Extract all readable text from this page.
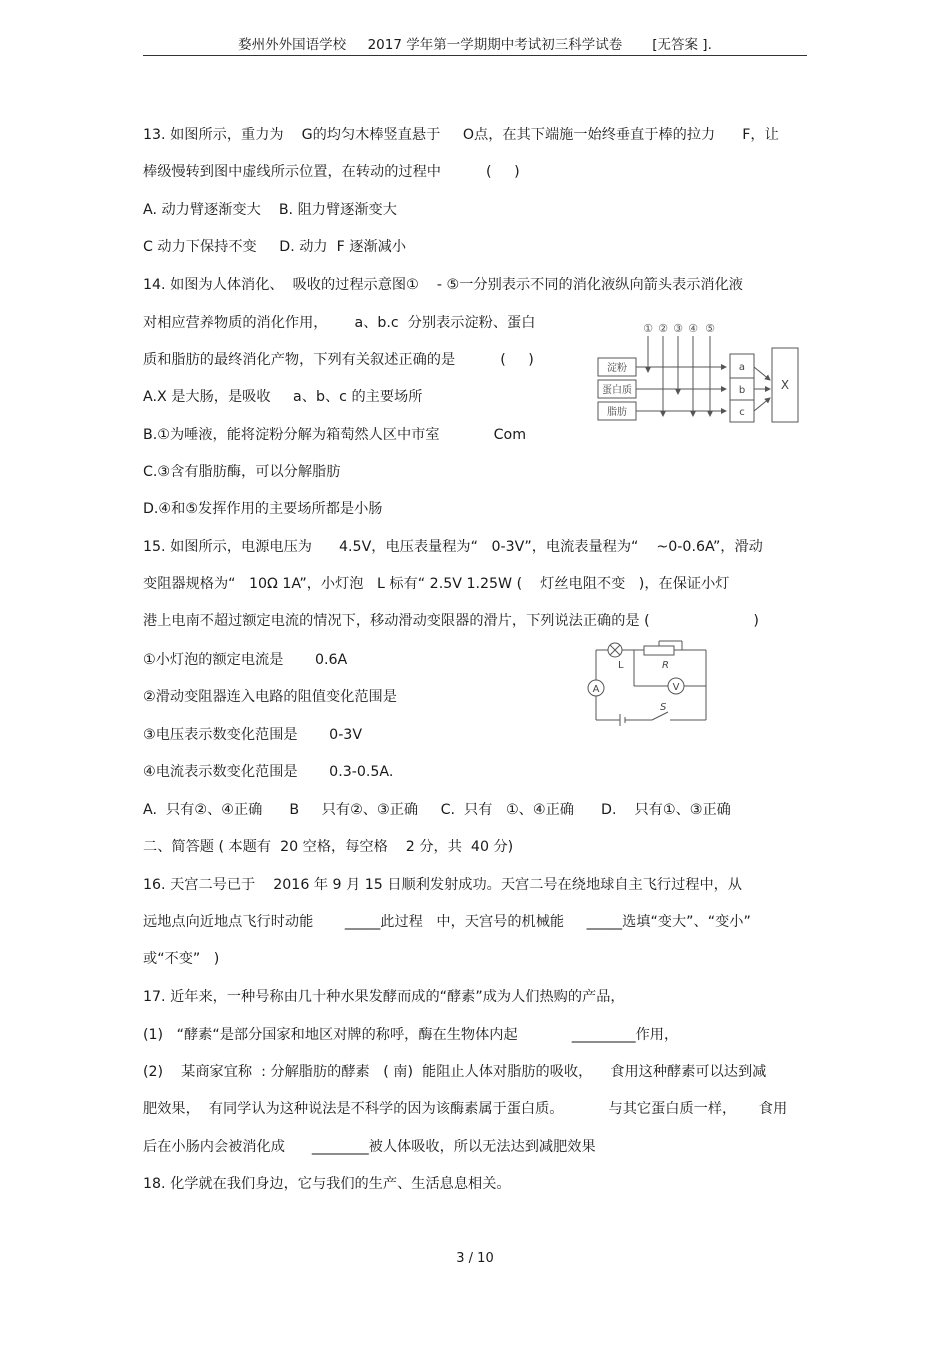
婺州外外国语学校     2017 学年第一学期期中考试初三科学试卷       [无答案 ].
13. 如图所示，重力为    G的均匀木棒竖直悬于     O点，在其下端施一始终垂直于棒的拉力      F，让
棒级慢转到图中虚线所示位置，在转动的过程中          (     )
A. 动力臂逐渐变大    B. 阻力臂逐渐变大
C 动力下保持不变     D. 动力  F 逐渐减小
14. 如图为人体消化、  吸收的过程示意图①    - ⑤一分别表示不同的消化液纵向箭头表示消化液
对相应营养物质的消化作用，      a、b.c  分别表示淀粉、蛋白
质和脂肪的最终消化产物，下列有关叙述正确的是          (     )
A.X 是大肠，是吸收     a、b、c 的主要场所
B.①为唾液，能将淀粉分解为箱萄然人区中市室            Com
C.③含有脂肪酶，可以分解脂肪
D.④和⑤发挥作用的主要场所都是小肠
① ② ③ ④ ⑤
淀粉
蛋白质
脂肪
a
b
c
X
15. 如图所示，电源电压为      4.5V，电压表量程为“   0-3V”，电流表量程为“    ~0-0.6A”，滑动
变阻器规格为“   10Ω 1A”，小灯泡   L 标有“ 2.5V 1.25W (    灯丝电阻不变   )，在保证小灯
港上电南不超过额定电流的情况下，移动滑动变限器的滑片，下列说法正确的是 (                       )
①小灯泡的额定电流是       0.6A
②滑动变阻器连入电路的阻值变化范围是
③电压表示数变化范围是       0-3V
④电流表示数变化范围是       0.3-0.5A.
A.  只有②、④正确      B     只有②、③正确     C.  只有   ①、④正确      D.    只有①、③正确
L	R
A	V
S
二、简答题 ( 本题有  20 空格，每空格    2 分，共  40 分)
16. 天宫二号已于    2016 年 9 月 15 日顺利发射成功。天宫二号在绕地球自主飞行过程中，从
远地点向近地点飞行时动能       _____此过程   中，天宫号的机械能     _____选填“变大”、“变小”
或“不变”   )
17. 近年来，一种号称由几十种水果发酵而成的“酵素”成为人们热购的产品，
(1)   “酵素“是部分国家和地区对牌的称呼，酶在生物体内起            _________作用，
(2)    某商家宜称  : 分解脂肪的酵素   ( 南)  能阻止人体对脂肪的吸收，    食用这种酵素可以达到减
肥效果，  有同学认为这种说法是不科学的因为该酶素属于蛋白质。          与其它蛋白质一样，     食用
后在小肠内会被消化成      ________被人体吸收，所以无法达到减肥效果
18. 化学就在我们身边，它与我们的生产、生活息息相关。
3 / 10
